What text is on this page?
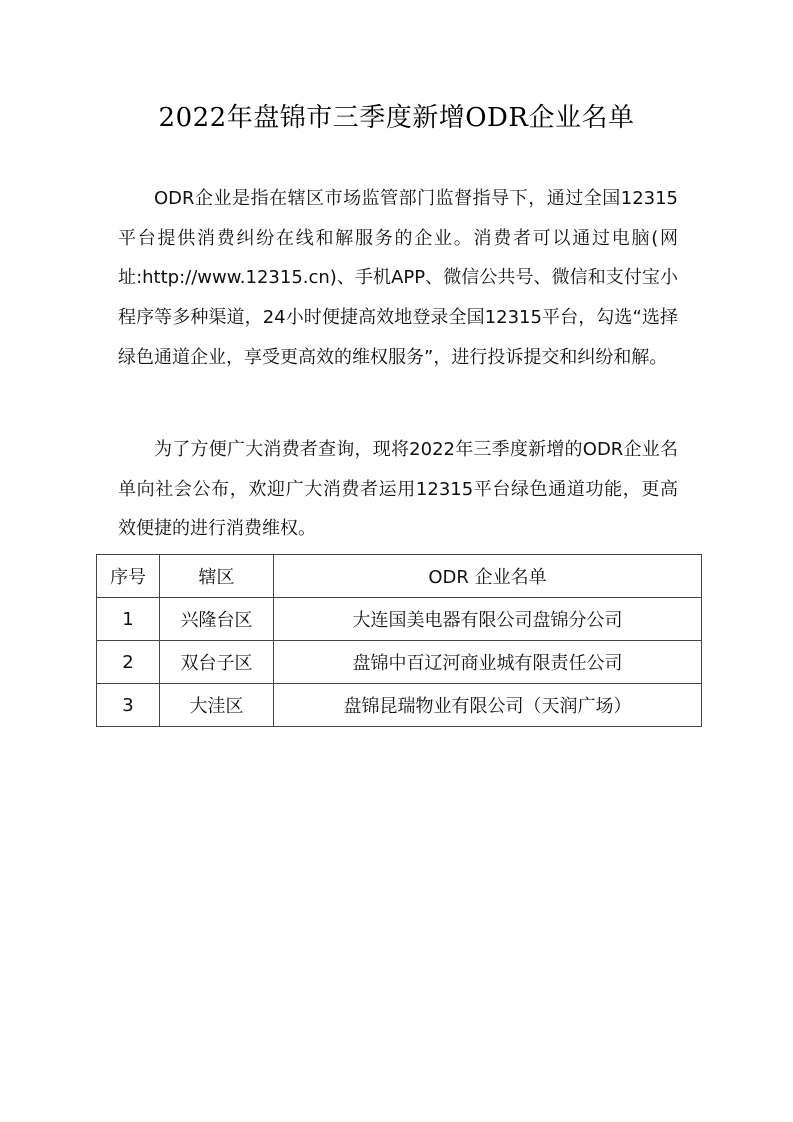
2022年盘锦市三季度新增ODR企业名单

ODR企业是指在辖区市场监管部门监督指导下，通过全国12315平台提供消费纠纷在线和解服务的企业。消费者可以通过电脑(网址:http://www.12315.cn)、手机APP、微信公共号、微信和支付宝小程序等多种渠道，24小时便捷高效地登录全国12315平台，勾选“选择绿色通道企业，享受更高效的维权服务”，进行投诉提交和纠纷和解。

为了方便广大消费者查询，现将2022年三季度新增的ODR企业名单向社会公布，欢迎广大消费者运用12315平台绿色通道功能，更高效便捷的进行消费维权。

序号	辖区	ODR 企业名单
1	兴隆台区	大连国美电器有限公司盘锦分公司
2	双台子区	盘锦中百辽河商业城有限责任公司
3	大洼区	盘锦昆瑞物业有限公司（天润广场）
